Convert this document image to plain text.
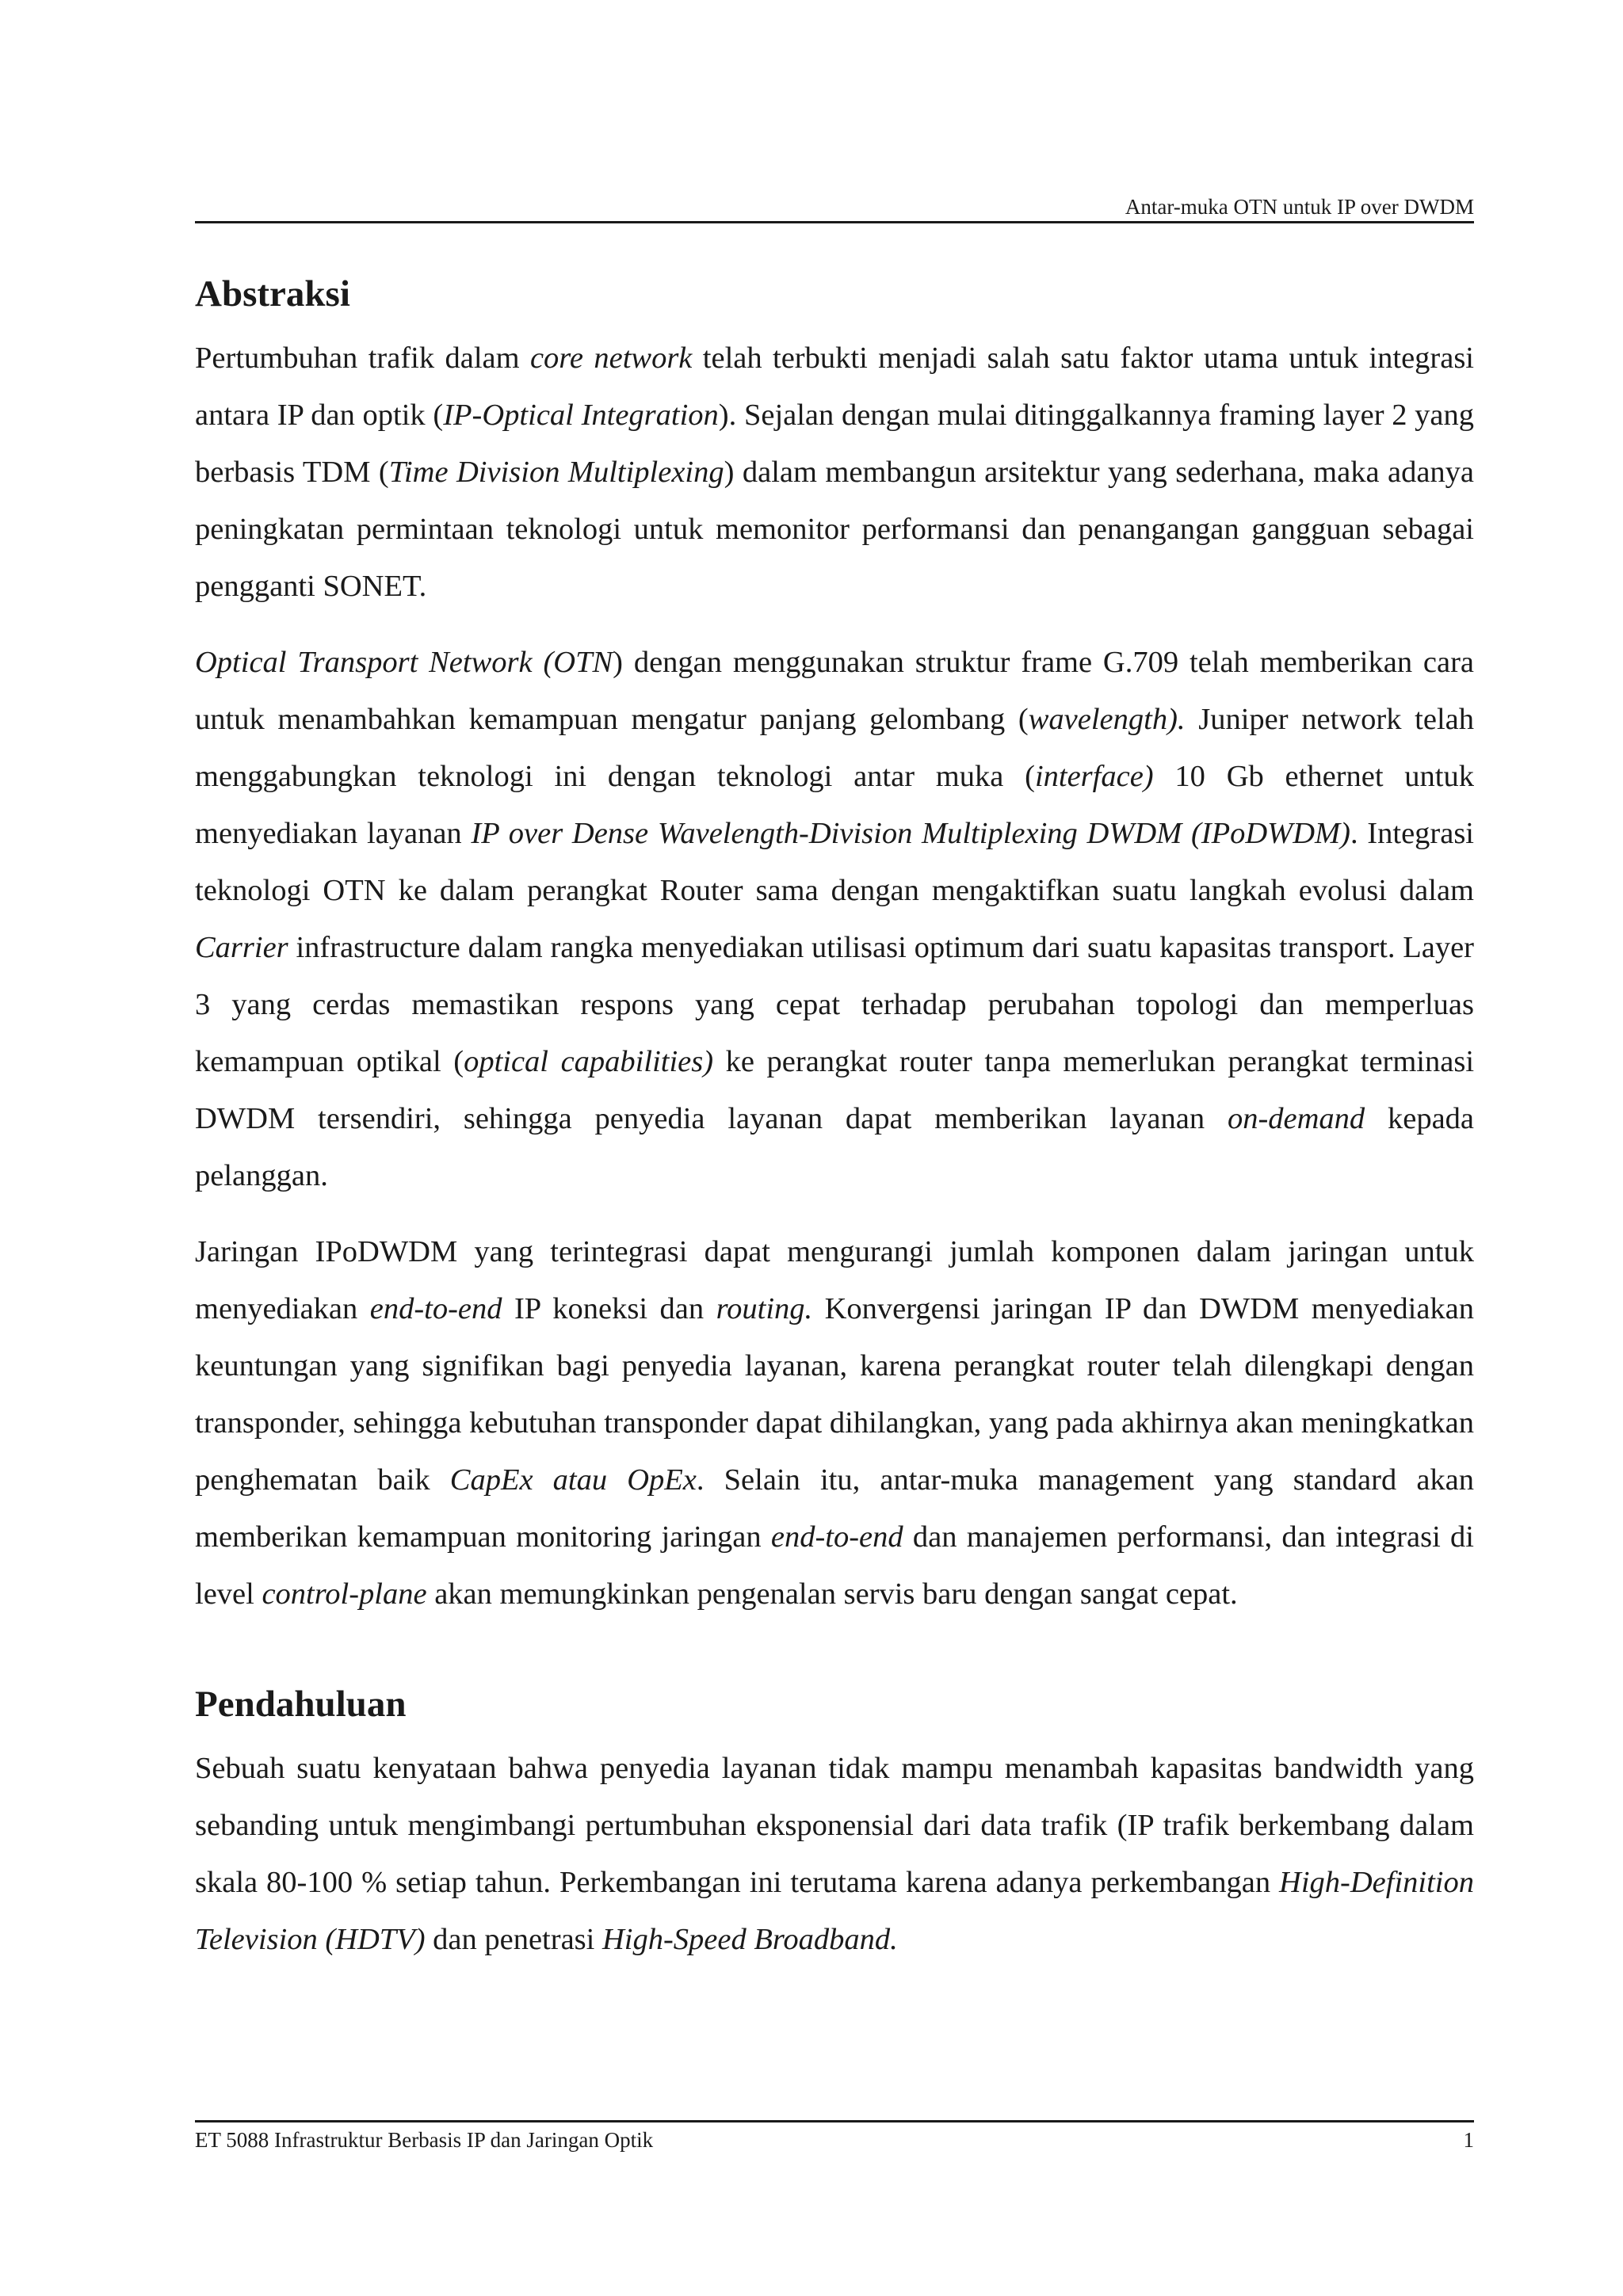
Antar-muka OTN untuk IP over DWDM
Abstraksi

Pertumbuhan trafik dalam core network telah terbukti menjadi salah satu faktor utama untuk integrasi antara IP dan optik (IP-Optical Integration). Sejalan dengan mulai ditinggalkannya framing layer 2 yang berbasis TDM (Time Division Multiplexing) dalam membangun arsitektur yang sederhana, maka adanya peningkatan permintaan teknologi untuk memonitor performansi dan penangangan gangguan sebagai pengganti SONET.

Optical Transport Network (OTN) dengan menggunakan struktur frame G.709 telah memberikan cara untuk menambahkan kemampuan mengatur panjang gelombang (wavelength). Juniper network telah menggabungkan teknologi ini dengan teknologi antar muka (interface) 10 Gb ethernet untuk menyediakan layanan IP over Dense Wavelength-Division Multiplexing DWDM (IPoDWDM). Integrasi teknologi OTN ke dalam perangkat Router sama dengan mengaktifkan suatu langkah evolusi dalam Carrier infrastructure dalam rangka menyediakan utilisasi optimum dari suatu kapasitas transport. Layer 3 yang cerdas memastikan respons yang cepat terhadap perubahan topologi dan memperluas kemampuan optikal (optical capabilities) ke perangkat router tanpa memerlukan perangkat terminasi DWDM tersendiri, sehingga penyedia layanan dapat memberikan layanan on-demand kepada pelanggan.

Jaringan IPoDWDM yang terintegrasi dapat mengurangi jumlah komponen dalam jaringan untuk menyediakan end-to-end IP koneksi dan routing. Konvergensi jaringan IP dan DWDM menyediakan keuntungan yang signifikan bagi penyedia layanan, karena perangkat router telah dilengkapi dengan transponder, sehingga kebutuhan transponder dapat dihilangkan, yang pada akhirnya akan meningkatkan penghematan baik CapEx atau OpEx. Selain itu, antar-muka management yang standard akan memberikan kemampuan monitoring jaringan end-to-end dan manajemen performansi, dan integrasi di level control-plane akan memungkinkan pengenalan servis baru dengan sangat cepat.

Pendahuluan

Sebuah suatu kenyataan bahwa penyedia layanan tidak mampu menambah kapasitas bandwidth yang sebanding untuk mengimbangi pertumbuhan eksponensial dari data trafik (IP trafik berkembang dalam skala 80-100 % setiap tahun. Perkembangan ini terutama karena adanya perkembangan High-Definition Television (HDTV) dan penetrasi High-Speed Broadband.

ET 5088 Infrastruktur Berbasis IP dan Jaringan Optik	1
